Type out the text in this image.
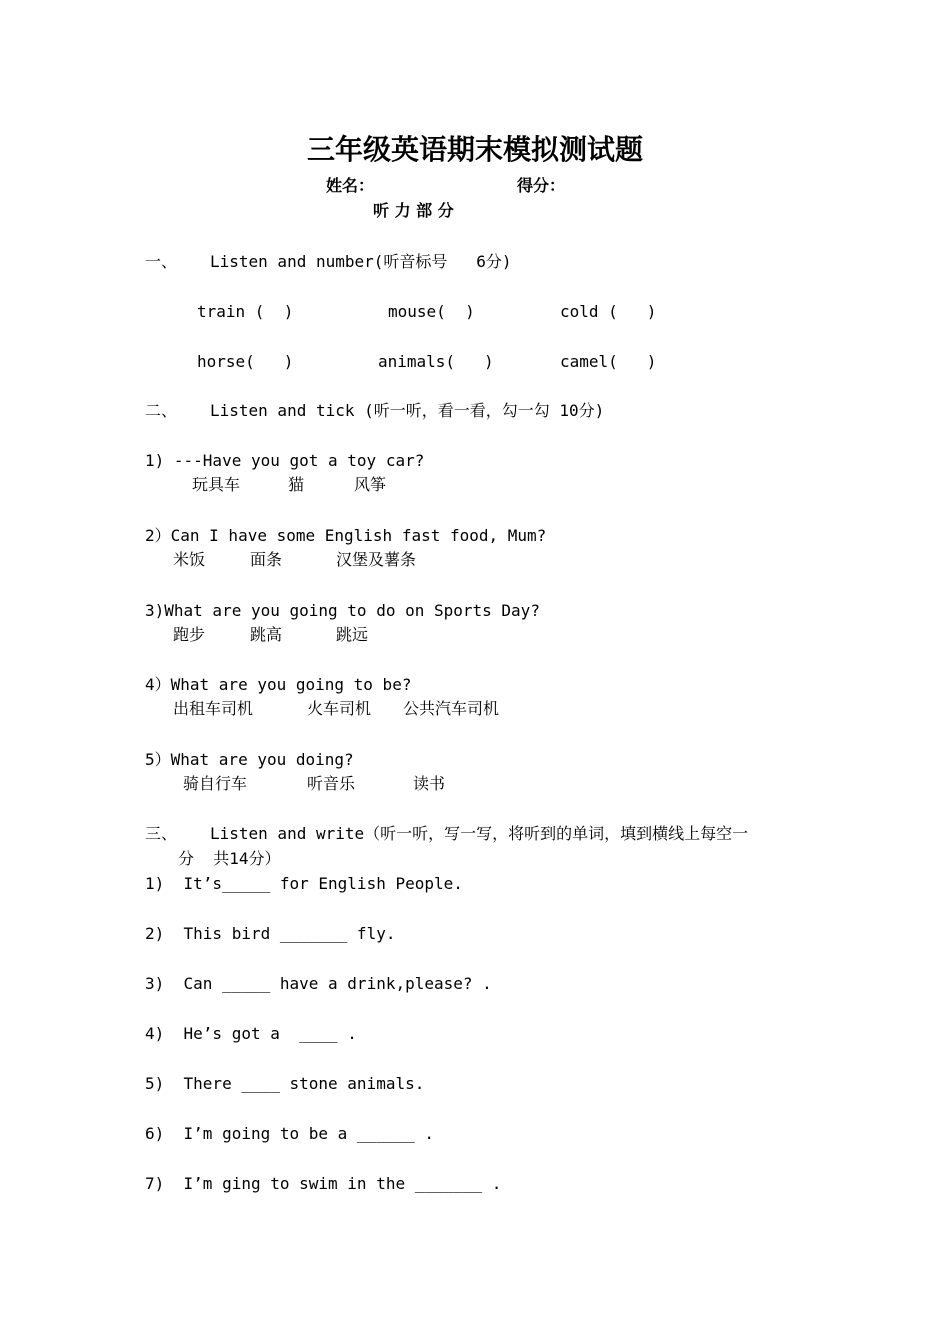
三年级英语期末模拟测试题
姓名：	得分：
听 力 部 分
一、 Listen and number(听音标号   6分)
train (  )	mouse(  )	cold (   )
horse(   )	animals(   )	camel(   )
二、 Listen and tick (听一听，看一看，勾一勾 10分)
1) ---Have you got a toy car?
玩具车	猫	风筝
2）Can I have some English fast food, Mum?
米饭	面条	汉堡及薯条
3)What are you going to do on Sports Day?
跑步	跳高	跳远
4）What are you going to be?
出租车司机	火车司机 公共汽车司机
5）What are you doing?
骑自行车	听音乐	读书
三、 Listen and write（听一听，写一写，将听到的单词，填到横线上每空一
分  共14分）
1) It’s_____ for English People.
2) This bird _______ fly.
3) Can _____ have a drink,please? .
4) He’s got a  ____ .
5) There ____ stone animals.
6) I’m going to be a ______ .
7) I’m ging to swim in the _______ .
